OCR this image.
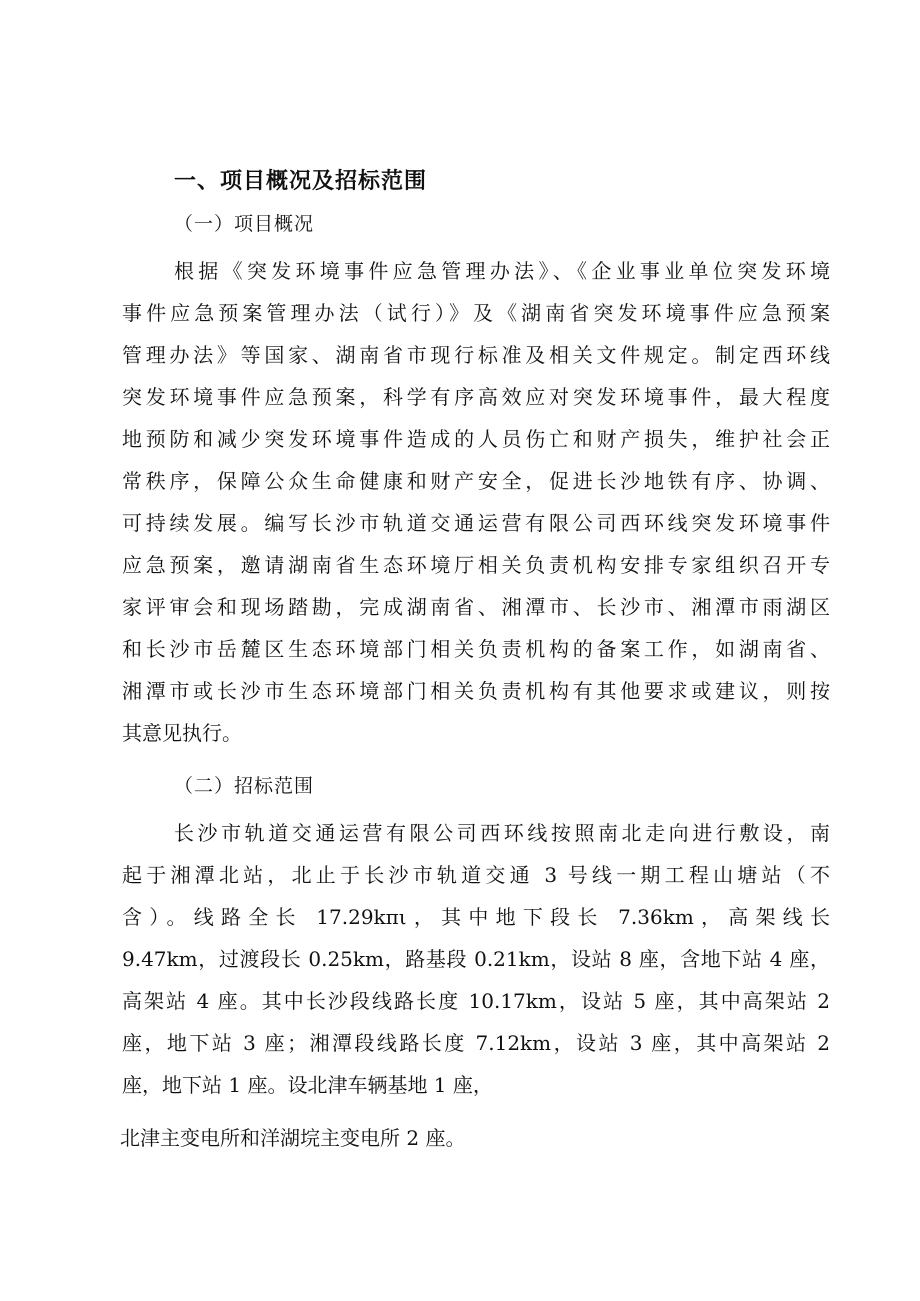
一、项目概况及招标范围
（一）项目概况
根据《突发环境事件应急管理办法》、《企业事业单位突发环境
事件应急预案管理办法（试行）》及《湖南省突发环境事件应急预案
管理办法》等国家、湖南省市现行标准及相关文件规定。制定西环线
突发环境事件应急预案，科学有序高效应对突发环境事件，最大程度
地预防和减少突发环境事件造成的人员伤亡和财产损失，维护社会正
常秩序，保障公众生命健康和财产安全，促进长沙地铁有序、协调、
可持续发展。编写长沙市轨道交通运营有限公司西环线突发环境事件
应急预案，邀请湖南省生态环境厅相关负责机构安排专家组织召开专
家评审会和现场踏勘，完成湖南省、湘潭市、长沙市、湘潭市雨湖区
和长沙市岳麓区生态环境部门相关负责机构的备案工作，如湖南省、
湘潭市或长沙市生态环境部门相关负责机构有其他要求或建议，则按
其意见执行。
（二）招标范围
长沙市轨道交通运营有限公司西环线按照南北走向进行敷设，南
起于湘潭北站，北止于长沙市轨道交通 3 号线一期工程山塘站（不
含）。线路全长 17.29kπι，其中地下段长 7.36km，高架线长
9.47km，过渡段长 0.25km，路基段 0.21km，设站 8 座，含地下站 4 座，
高架站 4 座。其中长沙段线路长度 10.17km，设站 5 座，其中高架站 2
座，地下站 3 座；湘潭段线路长度 7.12km，设站 3 座，其中高架站 2
座，地下站 1 座。设北津车辆基地 1 座，
北津主变电所和洋湖垸主变电所 2 座。
